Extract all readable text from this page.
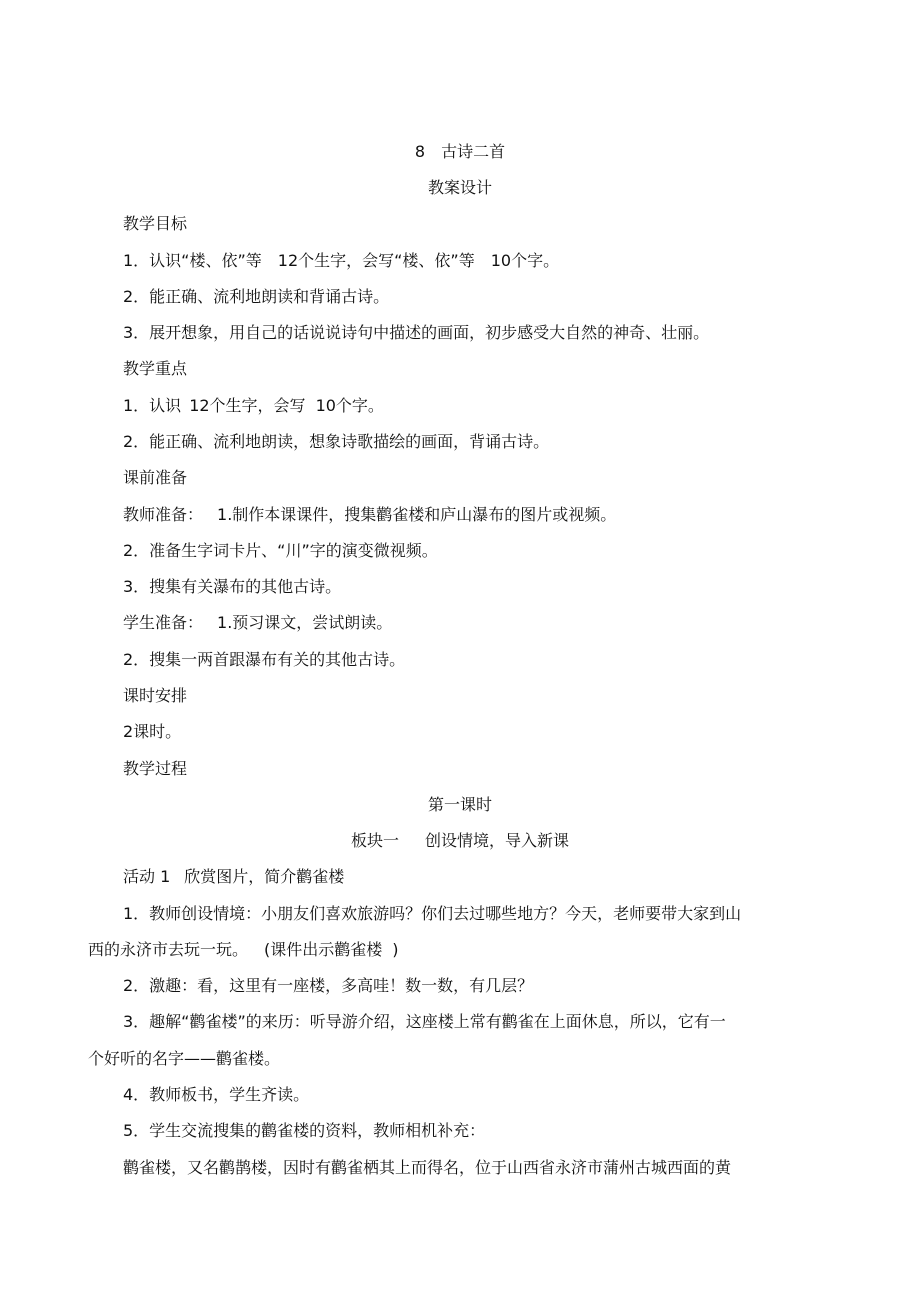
8 古诗二首
教案设计
教学目标
1．认识“楼、依”等 12个生字，会写“楼、依”等 10个字。
2．能正确、流利地朗读和背诵古诗。
3．展开想象，用自己的话说说诗句中描述的画面，初步感受大自然的神奇、壮丽。
教学重点
1．认识 12个生字，会写 10个字。
2．能正确、流利地朗读，想象诗歌描绘的画面，背诵古诗。
课前准备
教师准备： 1.制作本课课件，搜集鹳雀楼和庐山瀑布的图片或视频。
2．准备生字词卡片、“川”字的演变微视频。
3．搜集有关瀑布的其他古诗。
学生准备： 1.预习课文，尝试朗读。
2．搜集一两首跟瀑布有关的其他古诗。
课时安排
2课时。
教学过程
第一课时
板块一 创设情境，导入新课
活动 1 欣赏图片，简介鹳雀楼
1．教师创设情境：小朋友们喜欢旅游吗？你们去过哪些地方？今天，老师要带大家到山
西的永济市去玩一玩。 (课件出示鹳雀楼 )
2．激趣：看，这里有一座楼，多高哇！数一数，有几层？
3．趣解“鹳雀楼”的来历：听导游介绍，这座楼上常有鹳雀在上面休息，所以，它有一
个好听的名字——鹳雀楼。
4．教师板书，学生齐读。
5．学生交流搜集的鹳雀楼的资料，教师相机补充：
鹳雀楼，又名鹳鹊楼，因时有鹳雀栖其上而得名，位于山西省永济市蒲州古城西面的黄
